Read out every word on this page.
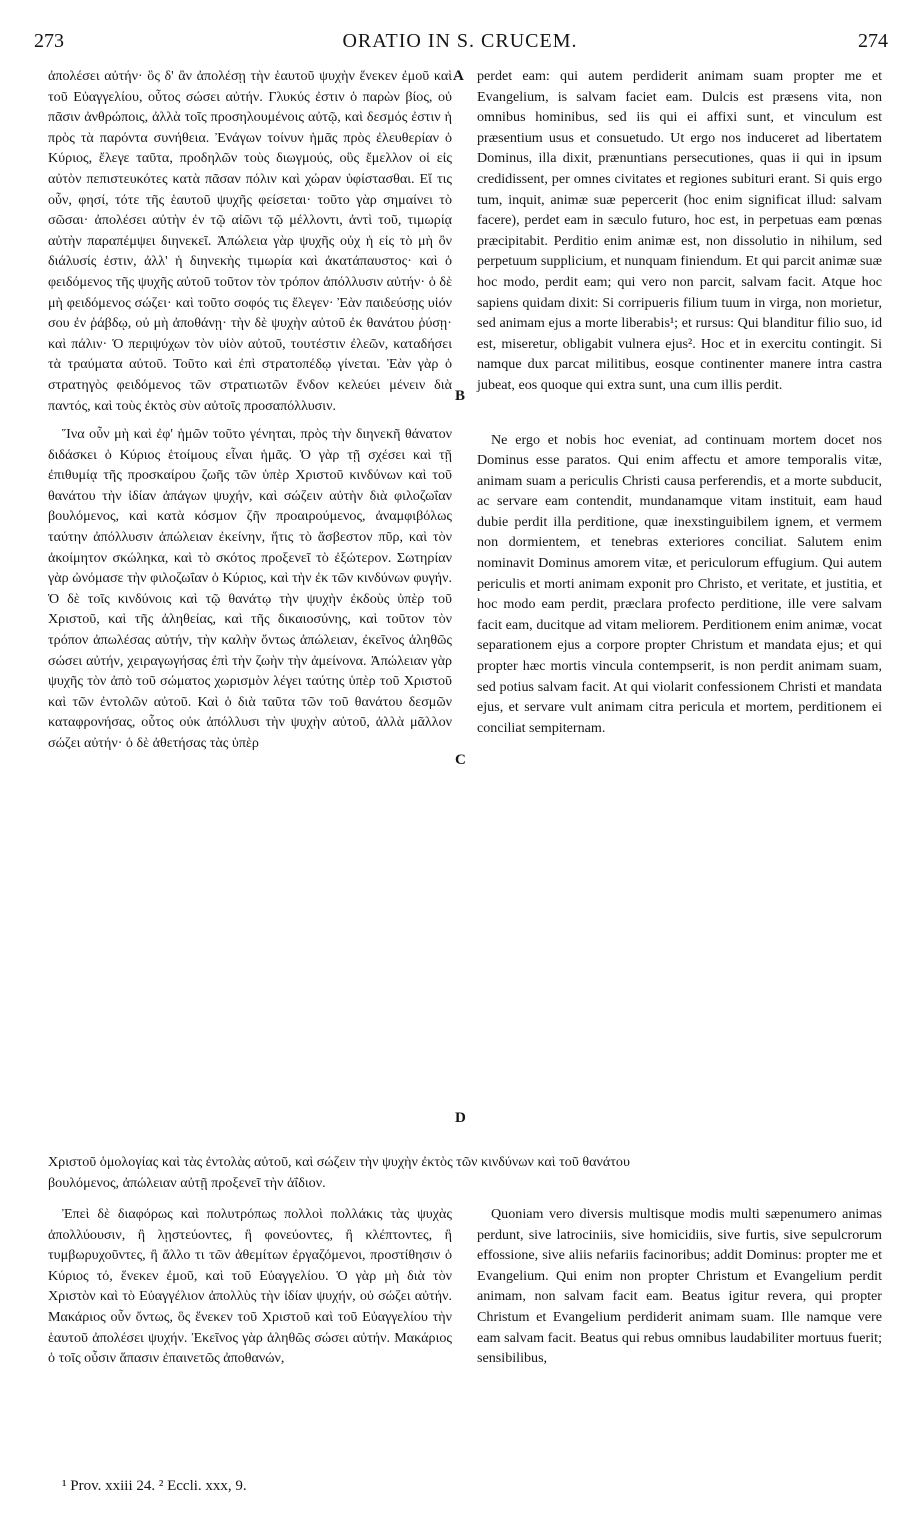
273	ORATIO IN S. CRUCEM.	274
A
B
C
D

ἀπολέσει αὐτήν· ὃς δ' ἂν ἀπολέσῃ τὴν ἑαυτοῦ ψυχὴν ἕνεκεν ἐμοῦ καὶ τοῦ Εὐαγγελίου, οὗτος σώσει αὐτήν. Γλυκύς ἐστιν ὁ παρὼν βίος, οὐ πᾶσιν ἀνθρώποις, ἀλλὰ τοῖς προσηλουμένοις αὐτῷ, καὶ δεσμός ἐστιν ἡ πρὸς τὰ παρόντα συνήθεια. Ἐνάγων τοίνυν ἡμᾶς πρὸς ἐλευθερίαν ὁ Κύριος, ἔλεγε ταῦτα, προδηλῶν τοὺς διωγμούς, οὓς ἔμελλον οἱ εἰς αὐτὸν πεπιστευκότες κατὰ πᾶσαν πόλιν καὶ χώραν ὑφίστασθαι. Εἴ τις οὖν, φησί, τότε τῆς ἑαυτοῦ ψυχῆς φείσεται· τοῦτο γὰρ σημαίνει τὸ σῶσαι· ἀπολέσει αὐτὴν ἐν τῷ αἰῶνι τῷ μέλλοντι, ἀντὶ τοῦ, τιμωρίᾳ αὐτὴν παραπέμψει διηνεκεῖ. Ἀπώλεια γὰρ ψυχῆς οὐχ ἡ εἰς τὸ μὴ ὂν διάλυσίς ἐστιν, ἀλλ' ἡ διηνεκὴς τιμωρία καὶ ἀκατάπαυστος· καὶ ὁ φειδόμενος τῆς ψυχῆς αὐτοῦ τοῦτον τὸν τρόπον ἀπόλλυσιν αὐτήν· ὁ δὲ μὴ φειδόμενος σώζει· καὶ τοῦτο σοφός τις ἔλεγεν· Ἐὰν παιδεύσῃς υἱόν σου ἐν ῥάβδῳ, οὐ μὴ ἀποθάνῃ· τὴν δὲ ψυχὴν αὐτοῦ ἐκ θανάτου ῥύσῃ· καὶ πάλιν· Ὁ περιψύχων τὸν υἱὸν αὐτοῦ, τουτέστιν ἐλεῶν, καταδήσει τὰ τραύματα αὐτοῦ. Τοῦτο καὶ ἐπὶ στρατοπέδῳ γίνεται. Ἐὰν γὰρ ὁ στρατηγὸς φειδόμενος τῶν στρατιωτῶν ἔνδον κελεύει μένειν διὰ παντός, καὶ τοὺς ἐκτὸς σὺν αὐτοῖς προσαπόλλυσιν.

Ἵνα οὖν μὴ καὶ ἐφ' ἡμῶν τοῦτο γένηται, πρὸς τὴν διηνεκῆ θάνατον διδάσκει ὁ Κύριος ἑτοίμους εἶναι ἡμᾶς. Ὁ γὰρ τῇ σχέσει καὶ τῇ ἐπιθυμίᾳ τῆς προσκαίρου ζωῆς τῶν ὑπὲρ Χριστοῦ κινδύνων καὶ τοῦ θανάτου τὴν ἰδίαν ἀπάγων ψυχήν, καὶ σώζειν αὐτὴν διὰ φιλοζωΐαν βουλόμενος, καὶ κατὰ κόσμον ζῆν προαιρούμενος, ἀναμφιβόλως ταύτην ἀπόλλυσιν ἀπώλειαν ἐκείνην, ἥτις τὸ ἄσβεστον πῦρ, καὶ τὸν ἀκοίμητον σκώληκα, καὶ τὸ σκότος προξενεῖ τὸ ἐξώτερον. Σωτηρίαν γὰρ ὠνόμασε τὴν φιλοζωΐαν ὁ Κύριος, καὶ τὴν ἐκ τῶν κινδύνων φυγήν. Ὁ δὲ τοῖς κινδύνοις καὶ τῷ θανάτῳ τὴν ψυχὴν ἐκδοὺς ὑπὲρ τοῦ Χριστοῦ, καὶ τῆς ἀληθείας, καὶ τῆς δικαιοσύνης, καὶ τοῦτον τὸν τρόπον ἀπωλέσας αὐτήν, τὴν καλὴν ὄντως ἀπώλειαν, ἐκεῖνος ἀληθῶς σώσει αὐτήν, χειραγωγήσας ἐπὶ τὴν ζωὴν τὴν ἀμείνονα. Ἀπώλειαν γὰρ ψυχῆς τὸν ἀπὸ τοῦ σώματος χωρισμὸν λέγει ταύτης ὑπὲρ τοῦ Χριστοῦ καὶ τῶν ἐντολῶν αὐτοῦ. Καὶ ὁ διὰ ταῦτα τῶν τοῦ θανάτου δεσμῶν καταφρονήσας, οὗτος οὐκ ἀπόλλυσι τὴν ψυχὴν αὐτοῦ, ἀλλὰ μᾶλλον σώζει αὐτήν· ὁ δὲ ἀθετήσας τὰς ὑπὲρ

perdet eam: qui autem perdiderit animam suam propter me et Evangelium, is salvam faciet eam. Dulcis est præsens vita, non omnibus hominibus, sed iis qui ei affixi sunt, et vinculum est præsentium usus et consuetudo. Ut ergo nos induceret ad libertatem Dominus, illa dixit, prænuntians persecutiones, quas ii qui in ipsum credidissent, per omnes civitates et regiones subituri erant. Si quis ergo tum, inquit, animæ suæ pepercerit (hoc enim significat illud: salvam facere), perdet eam in sæculo futuro, hoc est, in perpetuas eam pœnas præcipitabit. Perditio enim animæ est, non dissolutio in nihilum, sed perpetuum supplicium, et nunquam finiendum. Et qui parcit animæ suæ hoc modo, perdit eam; qui vero non parcit, salvam facit. Atque hoc sapiens quidam dixit: Si corripueris filium tuum in virga, non morietur, sed animam ejus a morte liberabis¹; et rursus: Qui blanditur filio suo, id est, miseretur, obligabit vulnera ejus². Hoc et in exercitu contingit. Si namque dux parcat militibus, eosque continenter manere intra castra jubeat, eos quoque qui extra sunt, una cum illis perdit.

Ne ergo et nobis hoc eveniat, ad continuam mortem docet nos Dominus esse paratos. Qui enim affectu et amore temporalis vitæ, animam suam a periculis Christi causa perferendis, et a morte subducit, ac servare eam contendit, mundanamque vitam instituit, eam haud dubie perdit illa perditione, quæ inexstinguibilem ignem, et vermem non dormientem, et tenebras exteriores conciliat. Salutem enim nominavit Dominus amorem vitæ, et periculorum effugium. Qui autem periculis et morti animam exponit pro Christo, et veritate, et justitia, et hoc modo eam perdit, præclara profecto perditione, ille vere salvam facit eam, ducitque ad vitam meliorem. Perditionem enim animæ, vocat separationem ejus a corpore propter Christum et mandata ejus; et qui propter hæc mortis vincula contempserit, is non perdit animam suam, sed potius salvam facit. At qui violarit confessionem Christi et mandata ejus, et servare vult animam citra pericula et mortem, perditionem ei conciliat sempiternam.

Χριστοῦ ὁμολογίας καὶ τὰς ἐντολὰς αὐτοῦ, καὶ σώζειν τὴν ψυχὴν ἐκτὸς τῶν κινδύνων καὶ τοῦ θανάτου
βουλόμενος, ἀπώλειαν αὐτῇ προξενεῖ τὴν ἀΐδιον.

Ἐπεὶ δὲ διαφόρως καὶ πολυτρόπως πολλοὶ πολλάκις τὰς ψυχὰς ἀπολλύουσιν, ἢ λῃστεύοντες, ἢ φονεύοντες, ἢ κλέπτοντες, ἢ τυμβωρυχοῦντες, ἢ ἄλλο τι τῶν ἀθεμίτων ἐργαζόμενοι, προστίθησιν ὁ Κύριος τό, ἕνεκεν ἐμοῦ, καὶ τοῦ Εὐαγγελίου. Ὁ γὰρ μὴ διὰ τὸν Χριστὸν καὶ τὸ Εὐαγγέλιον ἀπολλὺς τὴν ἰδίαν ψυχήν, οὐ σώζει αὐτήν. Μακάριος οὖν ὄντως, ὃς ἕνεκεν τοῦ Χριστοῦ καὶ τοῦ Εὐαγγελίου τὴν ἑαυτοῦ ἀπολέσει ψυχήν. Ἐκεῖνος γὰρ ἀληθῶς σώσει αὐτήν. Μακάριος ὁ τοῖς οὖσιν ἅπασιν ἐπαινετῶς ἀποθανών,

Quoniam vero diversis multisque modis multi sæpenumero animas perdunt, sive latrociniis, sive homicidiis, sive furtis, sive sepulcrorum effossione, sive aliis nefariis facinoribus; addit Dominus: propter me et Evangelium. Qui enim non propter Christum et Evangelium perdit animam, non salvam facit eam. Beatus igitur revera, qui propter Christum et Evangelium perdiderit animam suam. Ille namque vere eam salvam facit. Beatus qui rebus omnibus laudabiliter mortuus fuerit; sensibilibus,

¹ Prov. xxiii 24. ² Eccli. xxx, 9.
